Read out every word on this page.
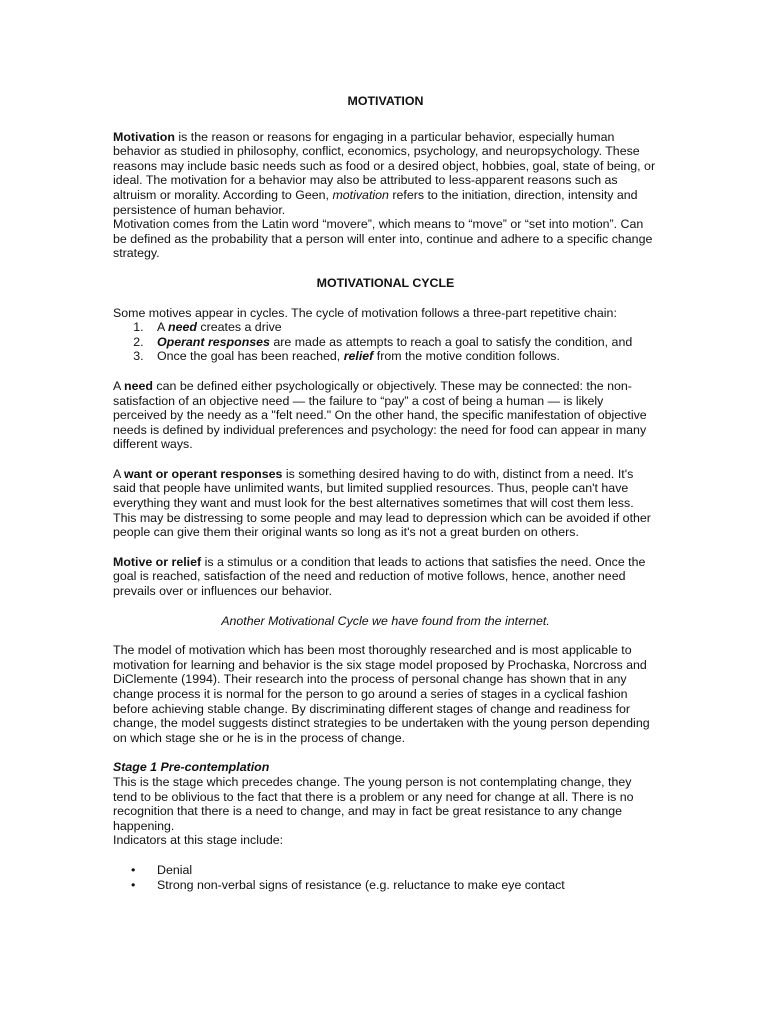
MOTIVATION

Motivation is the reason or reasons for engaging in a particular behavior, especially human behavior as studied in philosophy, conflict, economics, psychology, and neuropsychology. These reasons may include basic needs such as food or a desired object, hobbies, goal, state of being, or ideal. The motivation for a behavior may also be attributed to less-apparent reasons such as altruism or morality. According to Geen, motivation refers to the initiation, direction, intensity and persistence of human behavior.

Motivation comes from the Latin word “movere”, which means to “move” or “set into motion”. Can be defined as the probability that a person will enter into, continue and adhere to a specific change strategy.

MOTIVATIONAL CYCLE

Some motives appear in cycles. The cycle of motivation follows a three-part repetitive chain:

1. A need creates a drive
2. Operant responses are made as attempts to reach a goal to satisfy the condition, and
3. Once the goal has been reached, relief from the motive condition follows.

A need can be defined either psychologically or objectively. These may be connected: the non-satisfaction of an objective need — the failure to “pay” a cost of being a human — is likely perceived by the needy as a "felt need." On the other hand, the specific manifestation of objective needs is defined by individual preferences and psychology: the need for food can appear in many different ways.

A want or operant responses is something desired having to do with, distinct from a need. It's said that people have unlimited wants, but limited supplied resources. Thus, people can't have everything they want and must look for the best alternatives sometimes that will cost them less. This may be distressing to some people and may lead to depression which can be avoided if other people can give them their original wants so long as it's not a great burden on others.

Motive or relief is a stimulus or a condition that leads to actions that satisfies the need. Once the goal is reached, satisfaction of the need and reduction of motive follows, hence, another need prevails over or influences our behavior.

Another Motivational Cycle we have found from the internet.

The model of motivation which has been most thoroughly researched and is most applicable to motivation for learning and behavior is the six stage model proposed by Prochaska, Norcross and DiClemente (1994). Their research into the process of personal change has shown that in any change process it is normal for the person to go around a series of stages in a cyclical fashion before achieving stable change. By discriminating different stages of change and readiness for change, the model suggests distinct strategies to be undertaken with the young person depending on which stage she or he is in the process of change.

Stage 1 Pre-contemplation

This is the stage which precedes change. The young person is not contemplating change, they tend to be oblivious to the fact that there is a problem or any need for change at all. There is no recognition that there is a need to change, and may in fact be great resistance to any change happening.

Indicators at this stage include:

• Denial
• Strong non-verbal signs of resistance (e.g. reluctance to make eye contact
